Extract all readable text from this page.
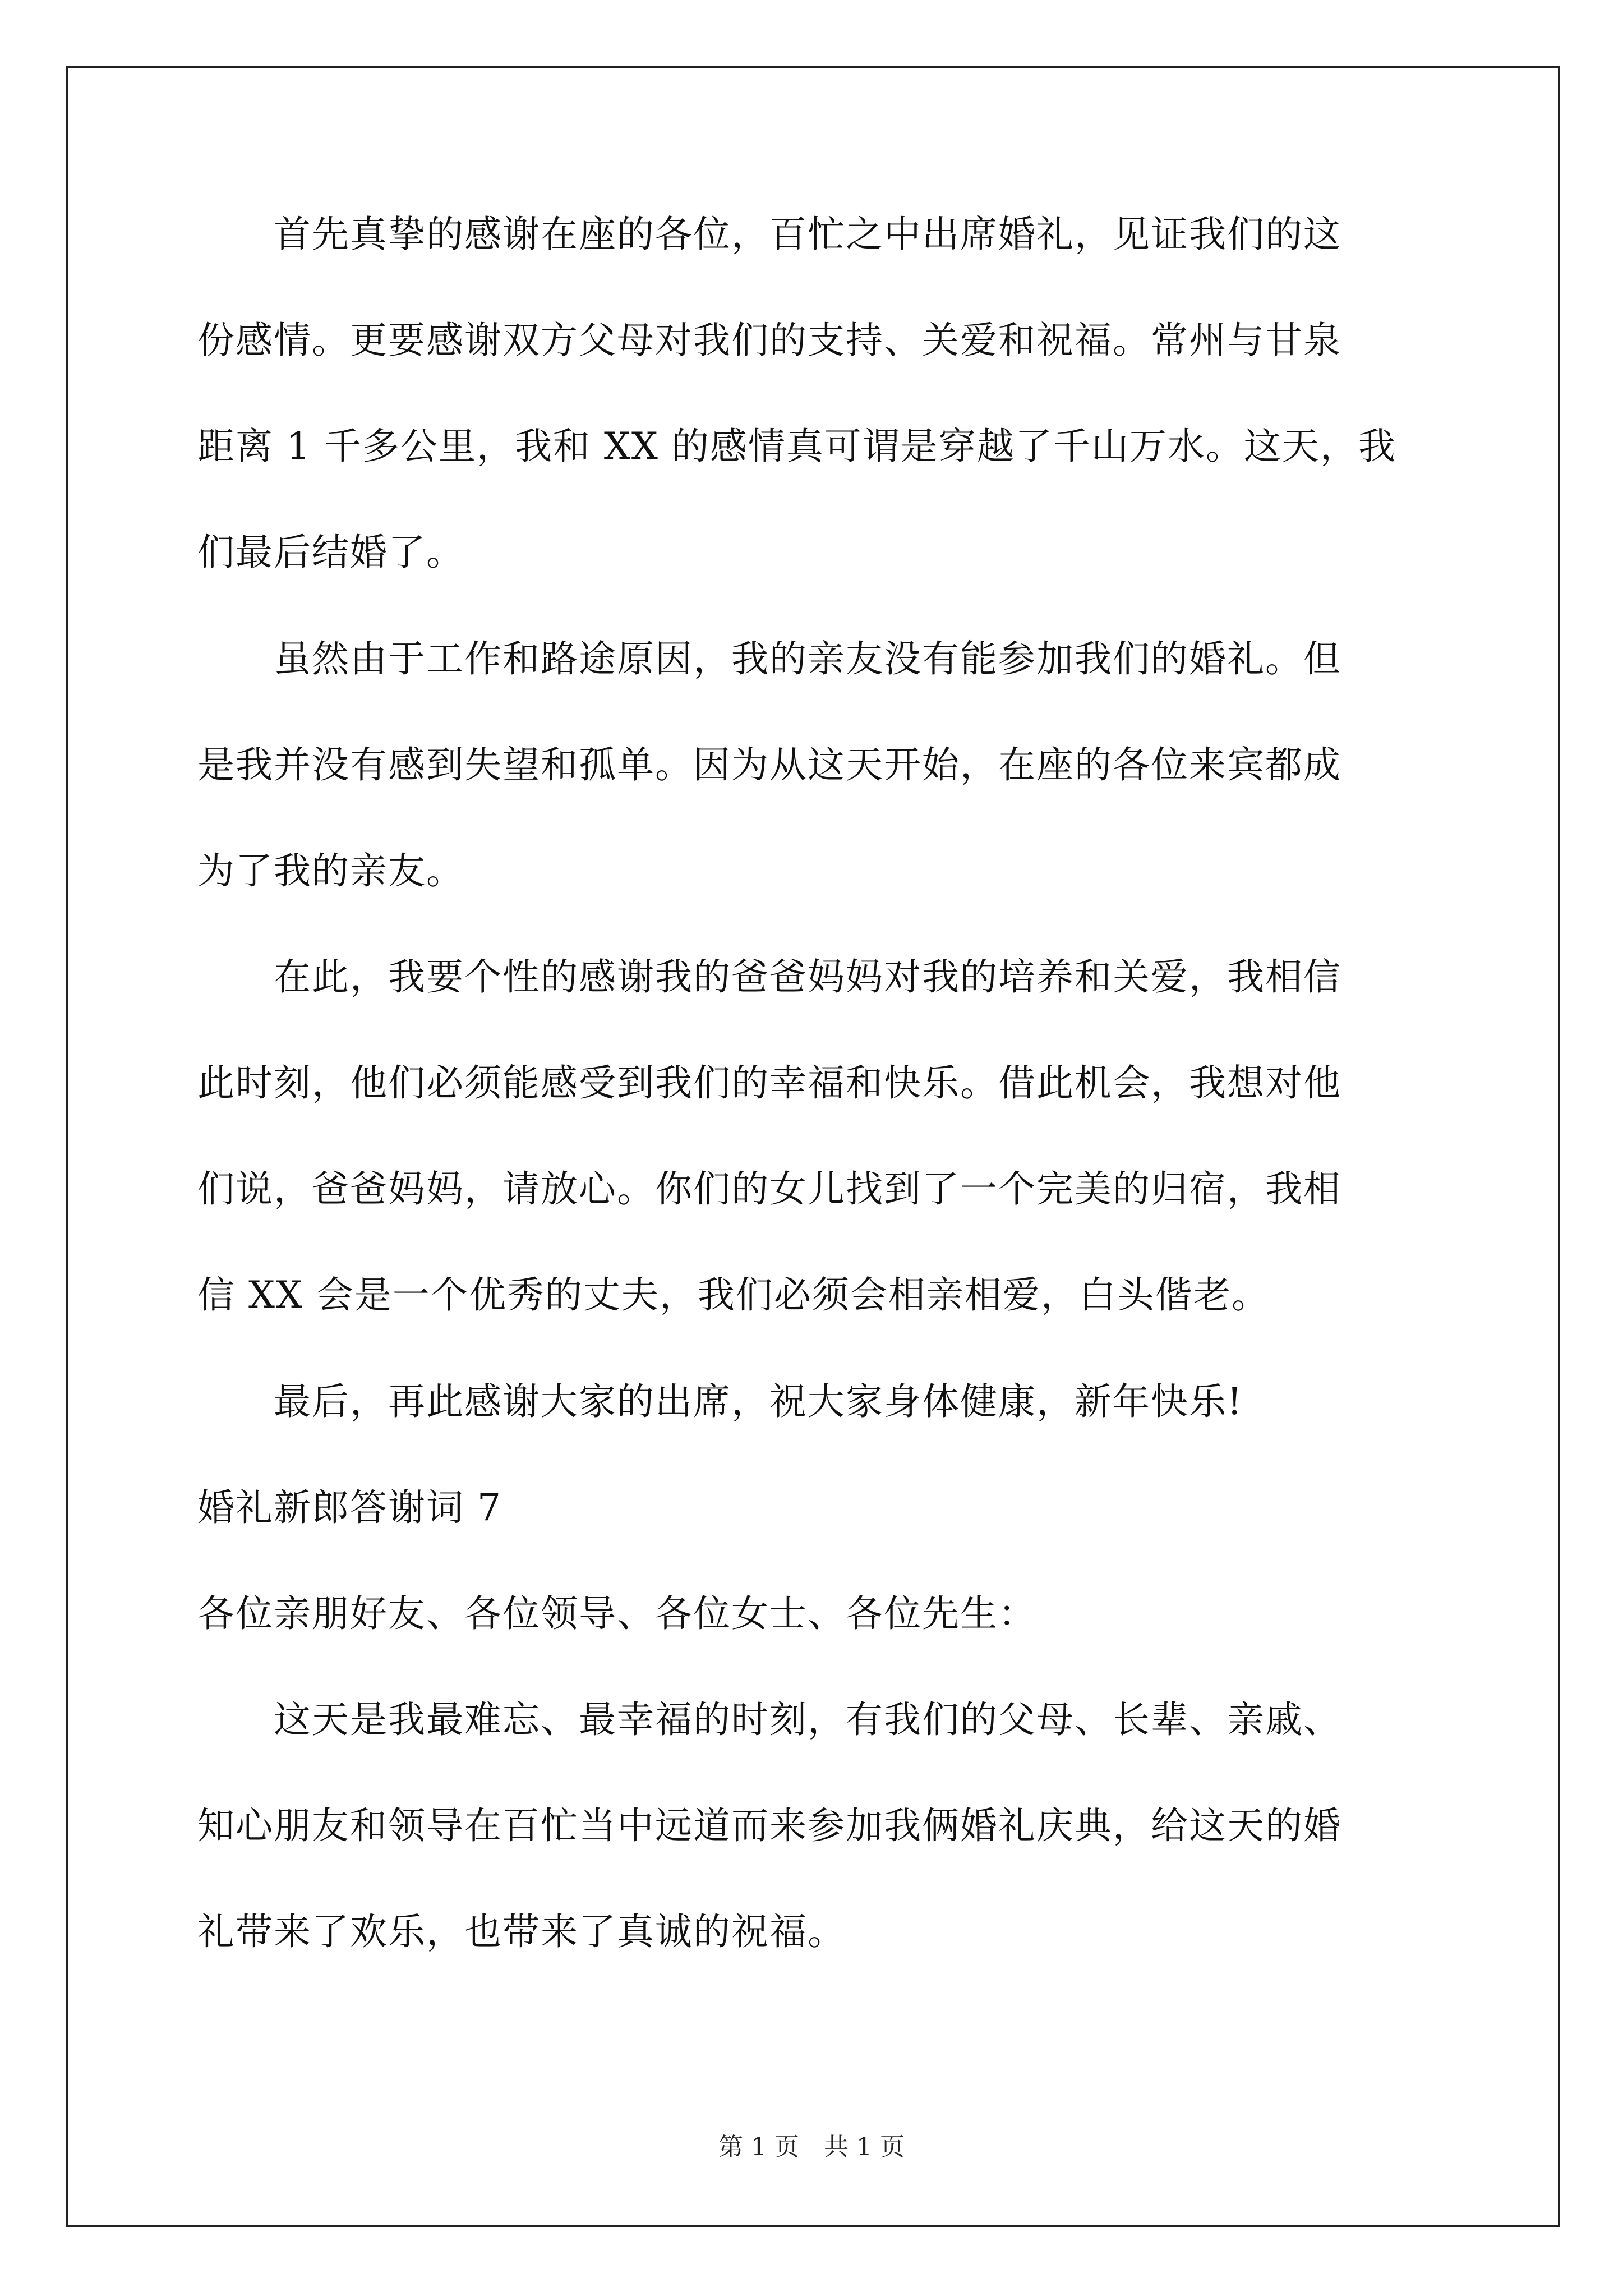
　　首先真挚的感谢在座的各位，百忙之中出席婚礼，见证我们的这
份感情。更要感谢双方父母对我们的支持、关爱和祝福。常州与甘泉
距离 1 千多公里，我和 XX 的感情真可谓是穿越了千山万水。这天，我
们最后结婚了。
　　虽然由于工作和路途原因，我的亲友没有能参加我们的婚礼。但
是我并没有感到失望和孤单。因为从这天开始，在座的各位来宾都成
为了我的亲友。
　　在此，我要个性的感谢我的爸爸妈妈对我的培养和关爱，我相信
此时刻，他们必须能感受到我们的幸福和快乐。借此机会，我想对他
们说，爸爸妈妈，请放心。你们的女儿找到了一个完美的归宿，我相
信 XX 会是一个优秀的丈夫，我们必须会相亲相爱，白头偕老。
　　最后，再此感谢大家的出席，祝大家身体健康，新年快乐!
婚礼新郎答谢词 7
各位亲朋好友、各位领导、各位女士、各位先生：
　　这天是我最难忘、最幸福的时刻，有我们的父母、长辈、亲戚、
知心朋友和领导在百忙当中远道而来参加我俩婚礼庆典，给这天的婚
礼带来了欢乐，也带来了真诚的祝福。
第 1 页　共 1 页
